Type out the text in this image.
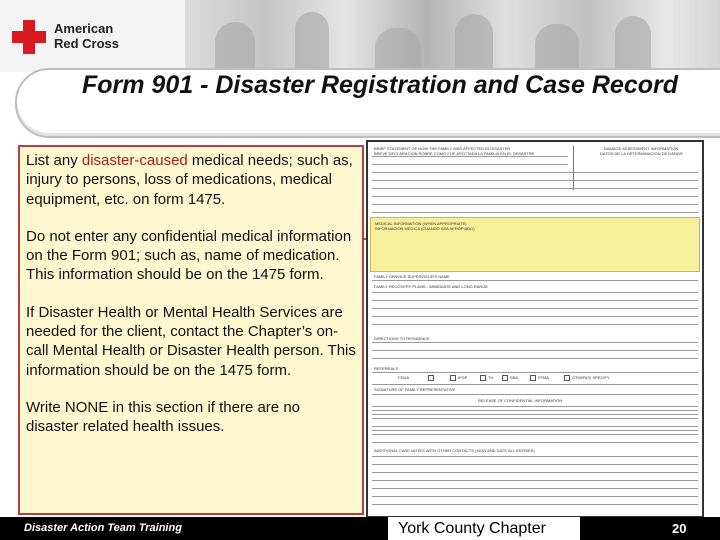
American
Red Cross
Form 901 - Disaster Registration and Case Record

List any disaster-caused medical needs; such as, injury to persons, loss of medications, medical equipment, etc. on form 1475.

Do not enter any confidential medical information on the Form 901; such as, name of medication. This information should be on the 1475 form.

If Disaster Health or Mental Health Services are needed for the client, contact the Chapter’s on-call Mental Health or Disaster Health person. This information should be on the 1475 form.

Write NONE in this section if there are no disaster related health issues.

BRIEF STATEMENT OF HOW THE FAMILY WAS AFFECTED IN DISASTER
BREVE DECLARACION SOBRE COMO FUE AFECTADA LA FAMILIA EN EL DESASTRE
DAMAGE ASSESSMENT INFORMATION
DATOS DE LA DETERMINACION DE DANOS
MEDICAL INFORMATION (WHEN APPROPRIATE)
INFORMACION MEDICA (CUANDO SEA APROPIADO)
FAMILY SERVICE SUPERVISOR'S NAME
FAMILY RECOVERY PLANS - IMMEDIATE AND LONG RANGE
DIRECTIONS TO RESIDENCE
REFERRALS
FEMA	IFGP	TH	SBA	FFMA	OTHER(S) SPECIFY
SIGNATURE OF FAMILY REPRESENTATIVE
RELEASE OF CONFIDENTIAL INFORMATION
ADDITIONAL CASE NOTES WITH OTHER CONTACTS (SIGN AND DATE ALL ENTRIES)
Disaster Action Team Training	York County Chapter	20
